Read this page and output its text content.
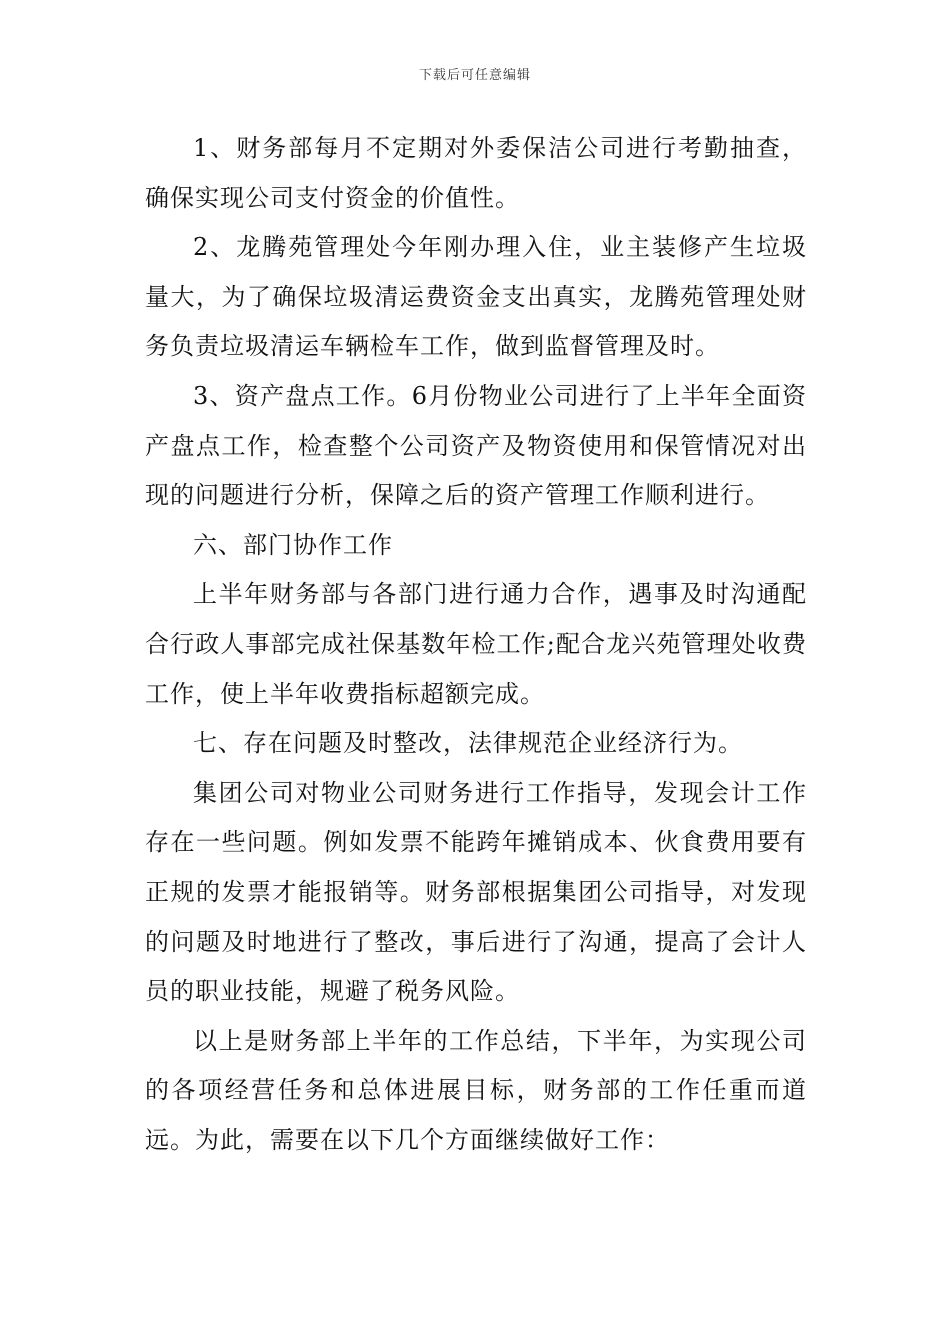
下载后可任意编辑

1、财务部每月不定期对外委保洁公司进行考勤抽查，确保实现公司支付资金的价值性。

2、龙腾苑管理处今年刚办理入住，业主装修产生垃圾量大，为了确保垃圾清运费资金支出真实，龙腾苑管理处财务负责垃圾清运车辆检车工作，做到监督管理及时。

3、资产盘点工作。6月份物业公司进行了上半年全面资产盘点工作，检查整个公司资产及物资使用和保管情况对出现的问题进行分析，保障之后的资产管理工作顺利进行。

六、部门协作工作

上半年财务部与各部门进行通力合作，遇事及时沟通配合行政人事部完成社保基数年检工作;配合龙兴苑管理处收费工作，使上半年收费指标超额完成。

七、存在问题及时整改，法律规范企业经济行为。

集团公司对物业公司财务进行工作指导，发现会计工作存在一些问题。例如发票不能跨年摊销成本、伙食费用要有正规的发票才能报销等。财务部根据集团公司指导，对发现的问题及时地进行了整改，事后进行了沟通，提高了会计人员的职业技能，规避了税务风险。

以上是财务部上半年的工作总结，下半年，为实现公司的各项经营任务和总体进展目标，财务部的工作任重而道远。为此，需要在以下几个方面继续做好工作：
